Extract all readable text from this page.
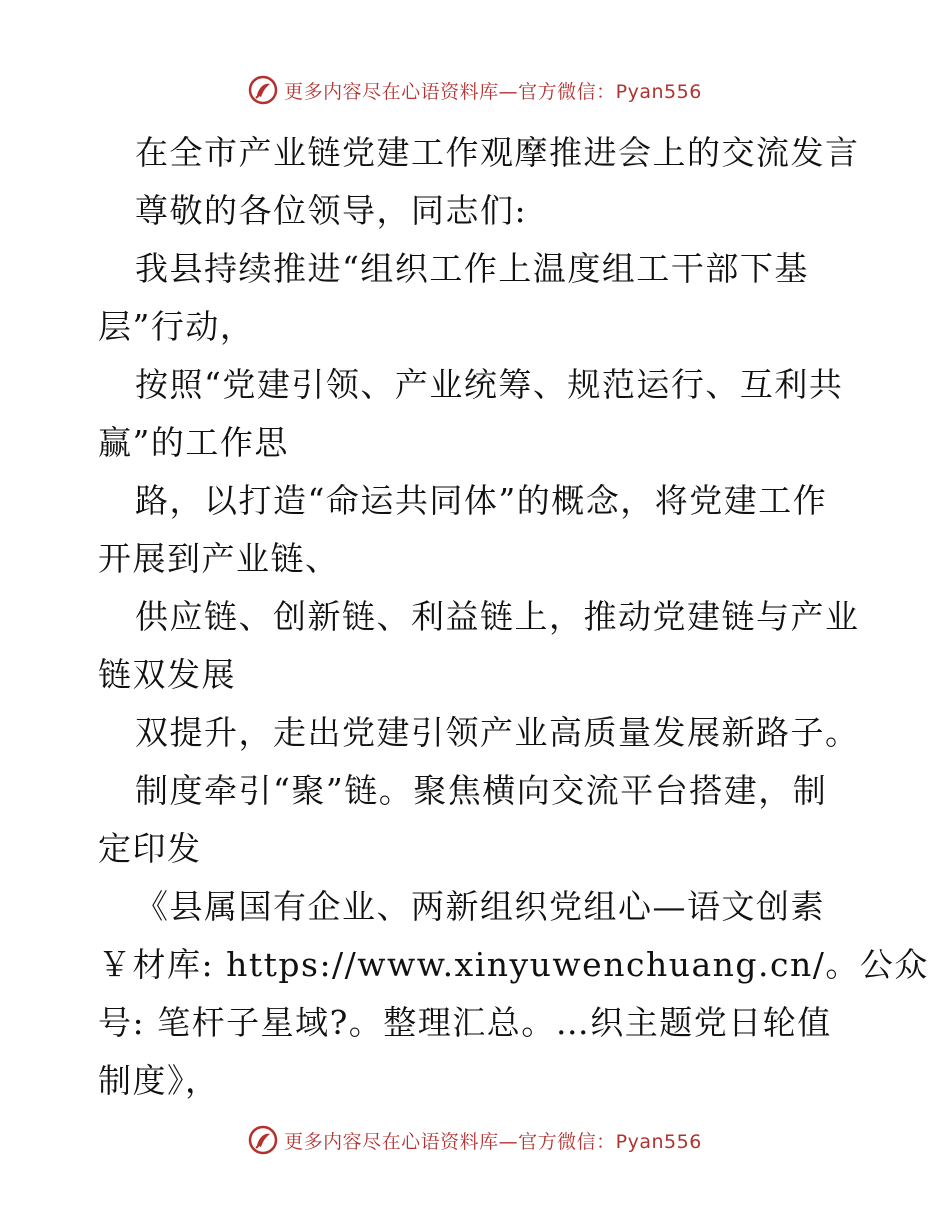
更多内容尽在心语资料库—官方微信：Pyan556
在全市产业链党建工作观摩推进会上的交流发言
尊敬的各位领导，同志们:
我县持续推进“组织工作上温度组工干部下基
层”行动，
按照“党建引领、产业统筹、规范运行、互利共
赢”的工作思
路，以打造“命运共同体”的概念，将党建工作
开展到产业链、
供应链、创新链、利益链上，推动党建链与产业
链双发展
双提升，走出党建引领产业高质量发展新路子。
制度牵引“聚”链。聚焦横向交流平台搭建，制
定印发
《县属国有企业、两新组织党组心—语文创素
￥材库: https://www.xinyuwenchuang.cn/。公众
号: 笔杆子星域?。整理汇总。…织主题党日轮值
制度》，
更多内容尽在心语资料库—官方微信：Pyan556
